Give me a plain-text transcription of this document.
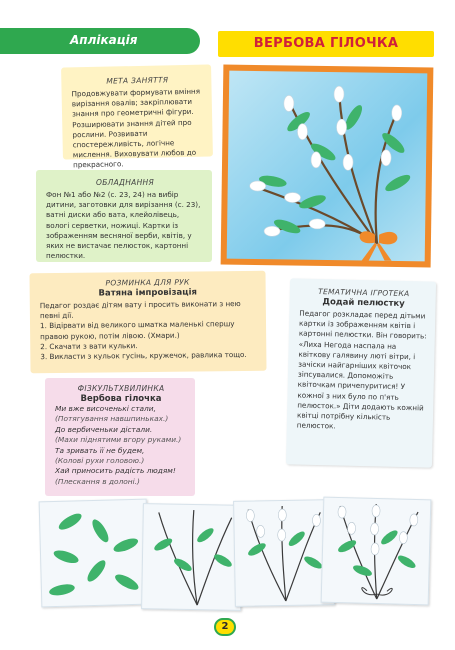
Аплікація	ВЕРБОВА ГІЛОЧКА
МЕТА ЗАНЯТТЯ
Продовжувати формувати вміння вирізання овалів; закріплювати знання про геометричні фігури. Розширювати знання дітей про рослини. Розвивати спостережливість, логічне мислення. Виховувати любов до прекрасного.
ОБЛАДНАННЯ
Фон №1 або №2 (с. 23, 24) на вибір дитини, заготовки для вирізання (с. 23), ватні диски або вата, клейолівець, вологі серветки, ножиці. Картки із зображенням весняної верби, квітів, у яких не вистачає пелюсток, картонні пелюстки.
РОЗМИНКА ДЛЯ РУК
Ватяна імпровізація
Педагог роздає дітям вату і просить виконати з нею певні дії.
1. Відірвати від великого шматка маленькі спершу правою рукою, потім лівою. (Хмари.)
2. Скачати з вати кульки.
3. Викласти з кульок гусінь, кружечок, равлика тощо.
ФІЗКУЛЬТХВИЛИНКА
Вербова гілочка
Ми вже височенькі стали,
(Потягування навшпиньках.)
До вербиченьки дістали.
(Махи піднятими вгору руками.)
Та зривать її не будем,
(Колові рухи головою.)
Хай приносить радість людям!
(Плескання в долоні.)
ТЕМАТИЧНА ІГРОТЕКА
Додай пелюстку
Педагог розкладає перед дітьми картки із зображенням квітів і картонні пелюстки. Він говорить: «Лиха Негода наспала на квіткову галявину люті вітри, і зачіски найгарніших квіточок зіпсувалися. Допоможіть квіточкам причепуритися! У кожної з них було по п'ять пелюсток.» Діти додають кожній квітці потрібну кількість пелюсток.
2
